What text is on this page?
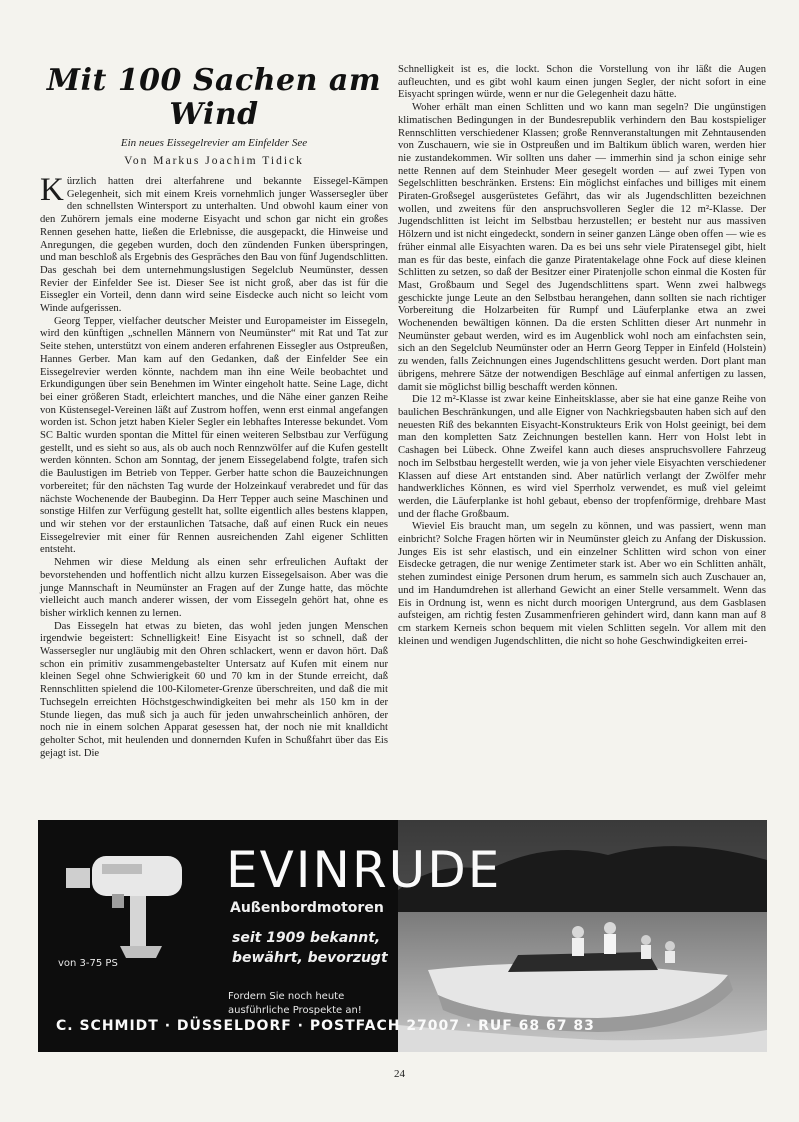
Mit 100 Sachen am Wind
Ein neues Eissegelrevier am Einfelder See
Von Markus Joachim Tidick

Kürzlich hatten drei alterfahrene und bekannte Eissegel-Kämpen Gelegenheit, sich mit einem Kreis vornehmlich junger Wassersegler über den schnellsten Wintersport zu unterhalten. Und obwohl kaum einer von den Zuhörern jemals eine moderne Eisyacht und schon gar nicht ein großes Rennen gesehen hatte, ließen die Erlebnisse, die ausgepackt, die Hinweise und Anregungen, die gegeben wurden, doch den zündenden Funken überspringen, und man beschloß als Ergebnis des Gespräches den Bau von fünf Jugendschlitten. Das geschah bei dem unternehmungslustigen Segelclub Neumünster, dessen Revier der Einfelder See ist. Dieser See ist nicht groß, aber das ist für die Eissegler ein Vorteil, denn dann wird seine Eisdecke auch nicht so leicht vom Winde aufgerissen.

Georg Tepper, vielfacher deutscher Meister und Europameister im Eissegeln, wird den künftigen „schnellen Männern von Neumünster“ mit Rat und Tat zur Seite stehen, unterstützt von einem anderen erfahrenen Eissegler aus Ostpreußen, Hannes Gerber. Man kam auf den Gedanken, daß der Einfelder See ein Eissegelrevier werden könnte, nachdem man ihn eine Weile beobachtet und Erkundigungen über sein Benehmen im Winter eingeholt hatte. Seine Lage, dicht bei einer größeren Stadt, erleichtert manches, und die Nähe einer ganzen Reihe von Küstensegel-Vereinen läßt auf Zustrom hoffen, wenn erst einmal angefangen worden ist. Schon jetzt haben Kieler Segler ein lebhaftes Interesse bekundet. Vom SC Baltic wurden spontan die Mittel für einen weiteren Selbstbau zur Verfügung gestellt, und es sieht so aus, als ob auch noch Rennzwölfer auf die Kufen gestellt werden könnten. Schon am Sonntag, der jenem Eissegelabend folgte, trafen sich die Baulustigen im Betrieb von Tepper. Gerber hatte schon die Bauzeichnungen vorbereitet; für den nächsten Tag wurde der Holzeinkauf verabredet und für das nächste Wochenende der Baubeginn. Da Herr Tepper auch seine Maschinen und sonstige Hilfen zur Verfügung gestellt hat, sollte eigentlich alles bestens klappen, und wir stehen vor der erstaunlichen Tatsache, daß auf einen Ruck ein neues Eissegelrevier mit einer für Rennen ausreichenden Zahl eigener Schlitten entsteht.

Nehmen wir diese Meldung als einen sehr erfreulichen Auftakt der bevorstehenden und hoffentlich nicht allzu kurzen Eissegelsaison. Aber was die junge Mannschaft in Neumünster an Fragen auf der Zunge hatte, das möchte vielleicht auch manch anderer wissen, der vom Eissegeln gehört hat, ohne es bisher wirklich kennen zu lernen.

Das Eissegeln hat etwas zu bieten, das wohl jeden jungen Menschen irgendwie begeistert: Schnelligkeit! Eine Eisyacht ist so schnell, daß der Wassersegler nur ungläubig mit den Ohren schlackert, wenn er davon hört. Daß schon ein primitiv zusammengebastelter Untersatz auf Kufen mit einem nur kleinen Segel ohne Schwierigkeit 60 und 70 km in der Stunde erreicht, daß Rennschlitten spielend die 100-Kilometer-Grenze überschreiten, und daß die mit Tuchsegeln erreichten Höchstgeschwindigkeiten bei mehr als 150 km in der Stunde liegen, das muß sich ja auch für jeden unwahrscheinlich anhören, der noch nie in einem solchen Apparat gesessen hat, der noch nie mit knalldicht geholter Schot, mit heulenden und donnernden Kufen in Schußfahrt über das Eis gejagt ist. Die

Schnelligkeit ist es, die lockt. Schon die Vorstellung von ihr läßt die Augen aufleuchten, und es gibt wohl kaum einen jungen Segler, der nicht sofort in eine Eisyacht springen würde, wenn er nur die Gelegenheit dazu hätte.

Woher erhält man einen Schlitten und wo kann man segeln? Die ungünstigen klimatischen Bedingungen in der Bundesrepublik verhindern den Bau kostspieliger Rennschlitten verschiedener Klassen; große Rennveranstaltungen mit Zehntausenden von Zuschauern, wie sie in Ostpreußen und im Baltikum üblich waren, werden hier nie zustandekommen. Wir sollten uns daher — immerhin sind ja schon einige sehr nette Rennen auf dem Steinhuder Meer gesegelt worden — auf zwei Typen von Segelschlitten beschränken. Erstens: Ein möglichst einfaches und billiges mit einem Piraten-Großsegel ausgerüstetes Gefährt, das wir als Jugendschlitten bezeichnen wollen, und zweitens für den anspruchsvolleren Segler die 12 m²-Klasse. Der Jugendschlitten ist leicht im Selbstbau herzustellen; er besteht nur aus massiven Hölzern und ist nicht eingedeckt, sondern in seiner ganzen Länge oben offen — wie es früher einmal alle Eisyachten waren. Da es bei uns sehr viele Piratensegel gibt, hielt man es für das beste, einfach die ganze Piratentakelage ohne Fock auf diese kleinen Schlitten zu setzen, so daß der Besitzer einer Piratenjolle schon einmal die Kosten für Mast, Großbaum und Segel des Jugendschlittens spart. Wenn zwei halbwegs geschickte junge Leute an den Selbstbau herangehen, dann sollten sie nach richtiger Vorbereitung die Holzarbeiten für Rumpf und Läuferplanke etwa an zwei Wochenenden bewältigen können. Da die ersten Schlitten dieser Art nunmehr in Neumünster gebaut werden, wird es im Augenblick wohl noch am einfachsten sein, sich an den Segelclub Neumünster oder an Herrn Georg Tepper in Einfeld (Holstein) zu wenden, falls Zeichnungen eines Jugendschlittens gesucht werden. Dort plant man übrigens, mehrere Sätze der notwendigen Beschläge auf einmal anfertigen zu lassen, damit sie möglichst billig beschafft werden können.

Die 12 m²-Klasse ist zwar keine Einheitsklasse, aber sie hat eine ganze Reihe von baulichen Beschränkungen, und alle Eigner von Nachkriegsbauten haben sich auf den neuesten Riß des bekannten Eisyacht-Konstrukteurs Erik von Holst geeinigt, bei dem man den kompletten Satz Zeichnungen bestellen kann. Herr von Holst lebt in Cashagen bei Lübeck. Ohne Zweifel kann auch dieses anspruchsvollere Fahrzeug noch im Selbstbau hergestellt werden, wie ja von jeher viele Eisyachten verschiedener Klassen auf diese Art entstanden sind. Aber natürlich verlangt der Zwölfer mehr handwerkliches Können, es wird viel Sperrholz verwendet, es muß viel geleimt werden, die Läuferplanke ist hohl gebaut, ebenso der tropfenförmige, drehbare Mast und der flache Großbaum.

Wieviel Eis braucht man, um segeln zu können, und was passiert, wenn man einbricht? Solche Fragen hörten wir in Neumünster gleich zu Anfang der Diskussion. Junges Eis ist sehr elastisch, und ein einzelner Schlitten wird schon von einer Eisdecke getragen, die nur wenige Zentimeter stark ist. Aber wo ein Schlitten anhält, stehen zumindest einige Personen drum herum, es sammeln sich auch Zuschauer an, und im Handumdrehen ist allerhand Gewicht an einer Stelle versammelt. Wenn das Eis in Ordnung ist, wenn es nicht durch moorigen Untergrund, aus dem Gasblasen aufsteigen, am richtig festen Zusammenfrieren gehindert wird, dann kann man auf 8 cm starkem Kerneis schon bequem mit vielen Schlitten segeln. Vor allem mit den kleinen und wendigen Jugendschlitten, die nicht so hohe Geschwindigkeiten errei-

EVINRUDE
Außenbordmotoren
seit 1909 bekannt,
bewährt, bevorzugt
von 3-75 PS
Fordern Sie noch heute
ausführliche Prospekte an!
C. SCHMIDT · DÜSSELDORF · POSTFACH 27007 · RUF 68 67 83
24
